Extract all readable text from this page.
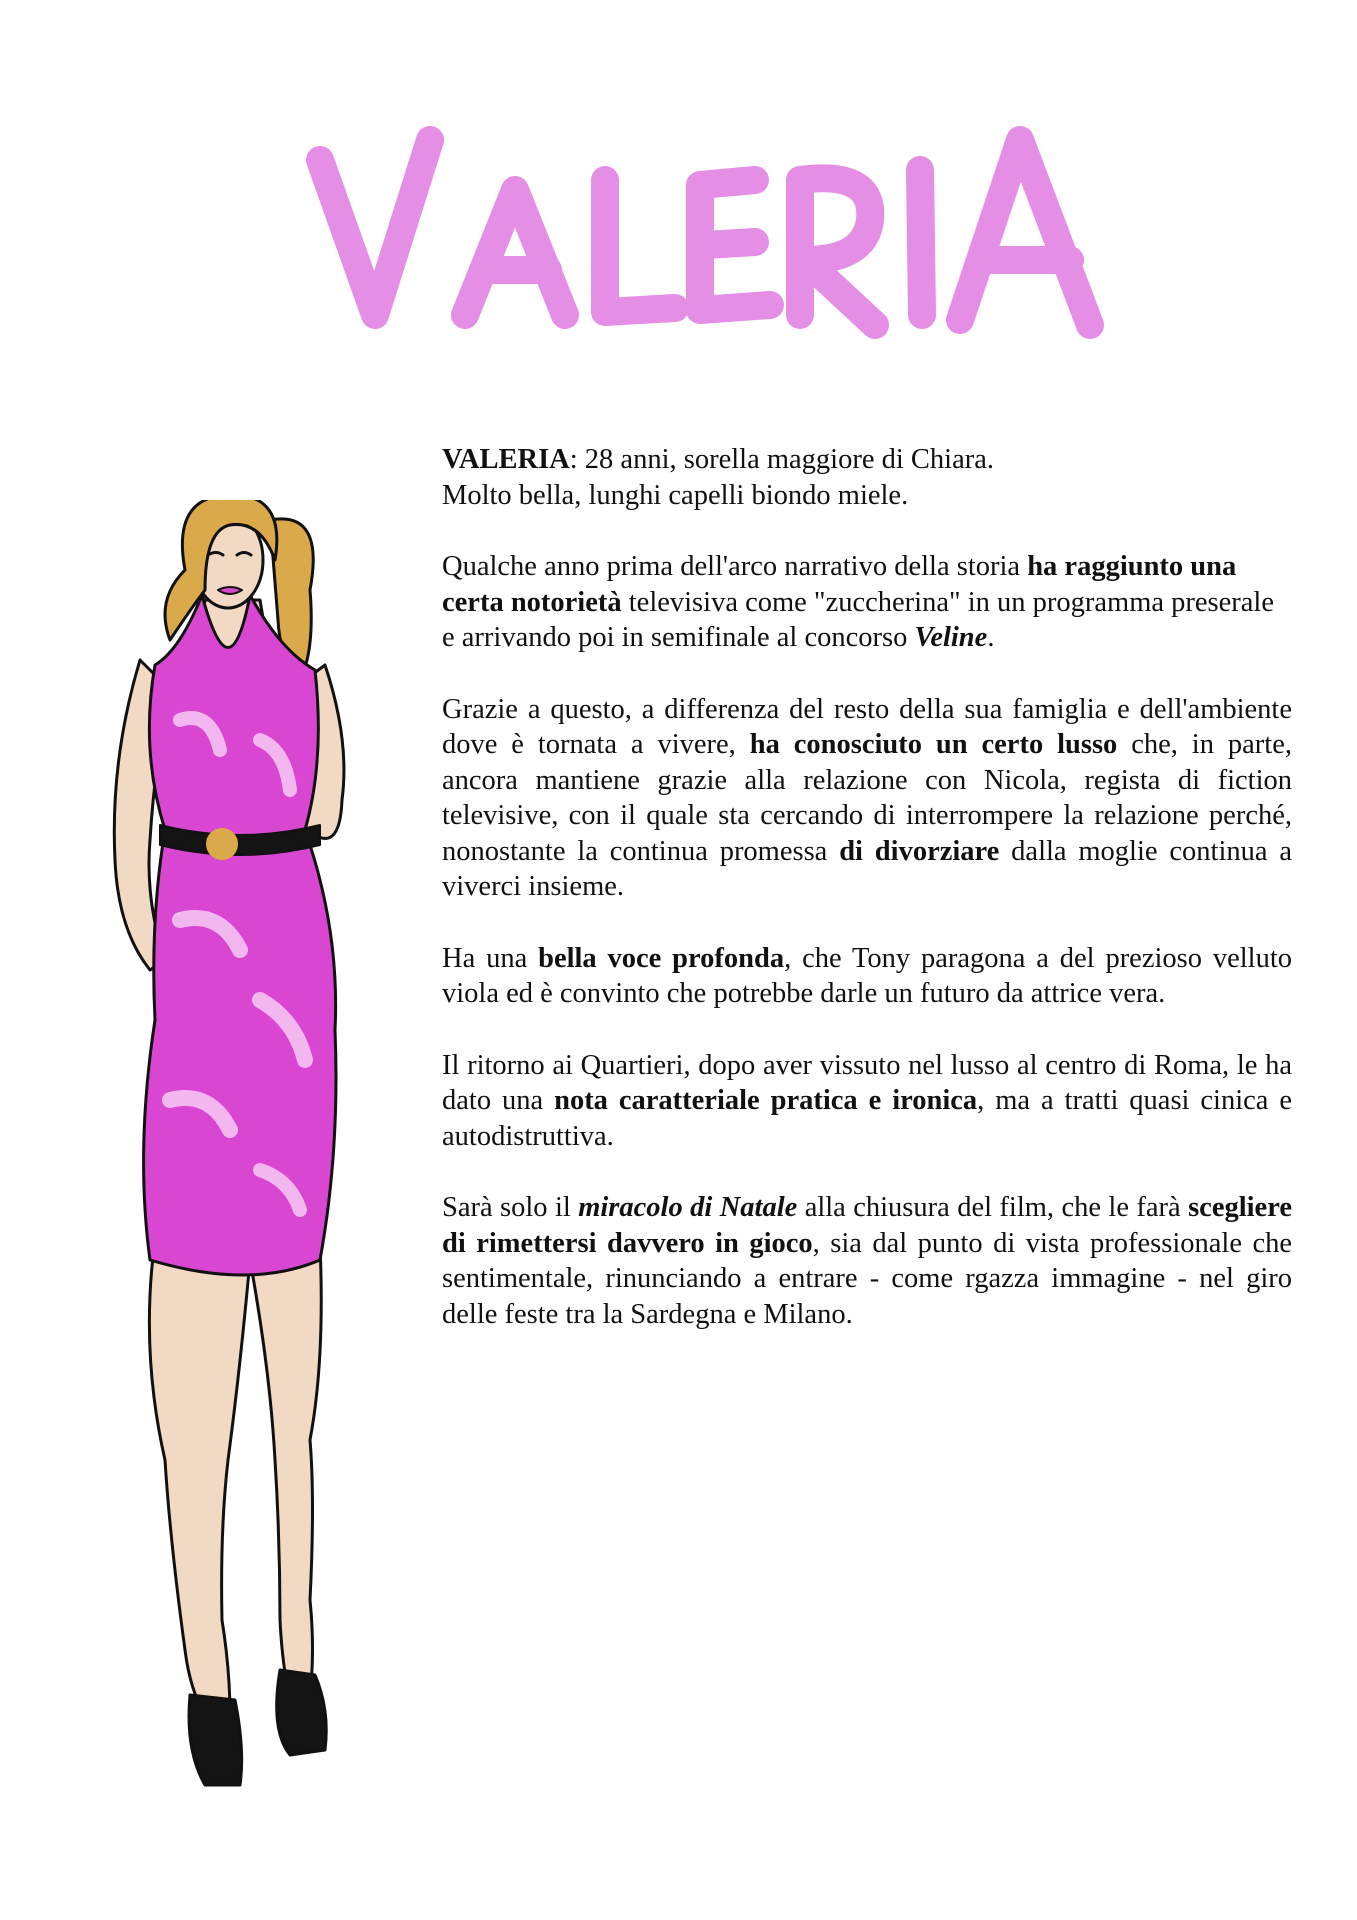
VALERIA: 28 anni, sorella maggiore di Chiara.
Molto bella, lunghi capelli biondo miele.

Qualche anno prima dell'arco narrativo della storia ha raggiunto una certa notorietà televisiva come "zuccherina" in un programma preserale e arrivando poi in semifinale al concorso Veline.

Grazie a questo, a differenza del resto della sua famiglia e dell'ambiente dove è tornata a vivere, ha conosciuto un certo lusso che, in parte, ancora mantiene grazie alla relazione con Nicola, regista di fiction televisive, con il quale sta cercando di interrompere la relazione perché, nonostante la continua promessa di divorziare dalla moglie continua a viverci insieme.

Ha una bella voce profonda, che Tony paragona a del prezioso velluto viola ed è convinto che potrebbe darle un futuro da attrice vera.

Il ritorno ai Quartieri, dopo aver vissuto nel lusso al centro di Roma, le ha dato una nota caratteriale pratica e ironica, ma a tratti quasi cinica e autodistruttiva.

Sarà solo il miracolo di Natale alla chiusura del film, che le farà scegliere di rimettersi davvero in gioco, sia dal punto di vista professionale che sentimentale, rinunciando a entrare - come rgazza immagine - nel giro delle feste tra la Sardegna e Milano.
